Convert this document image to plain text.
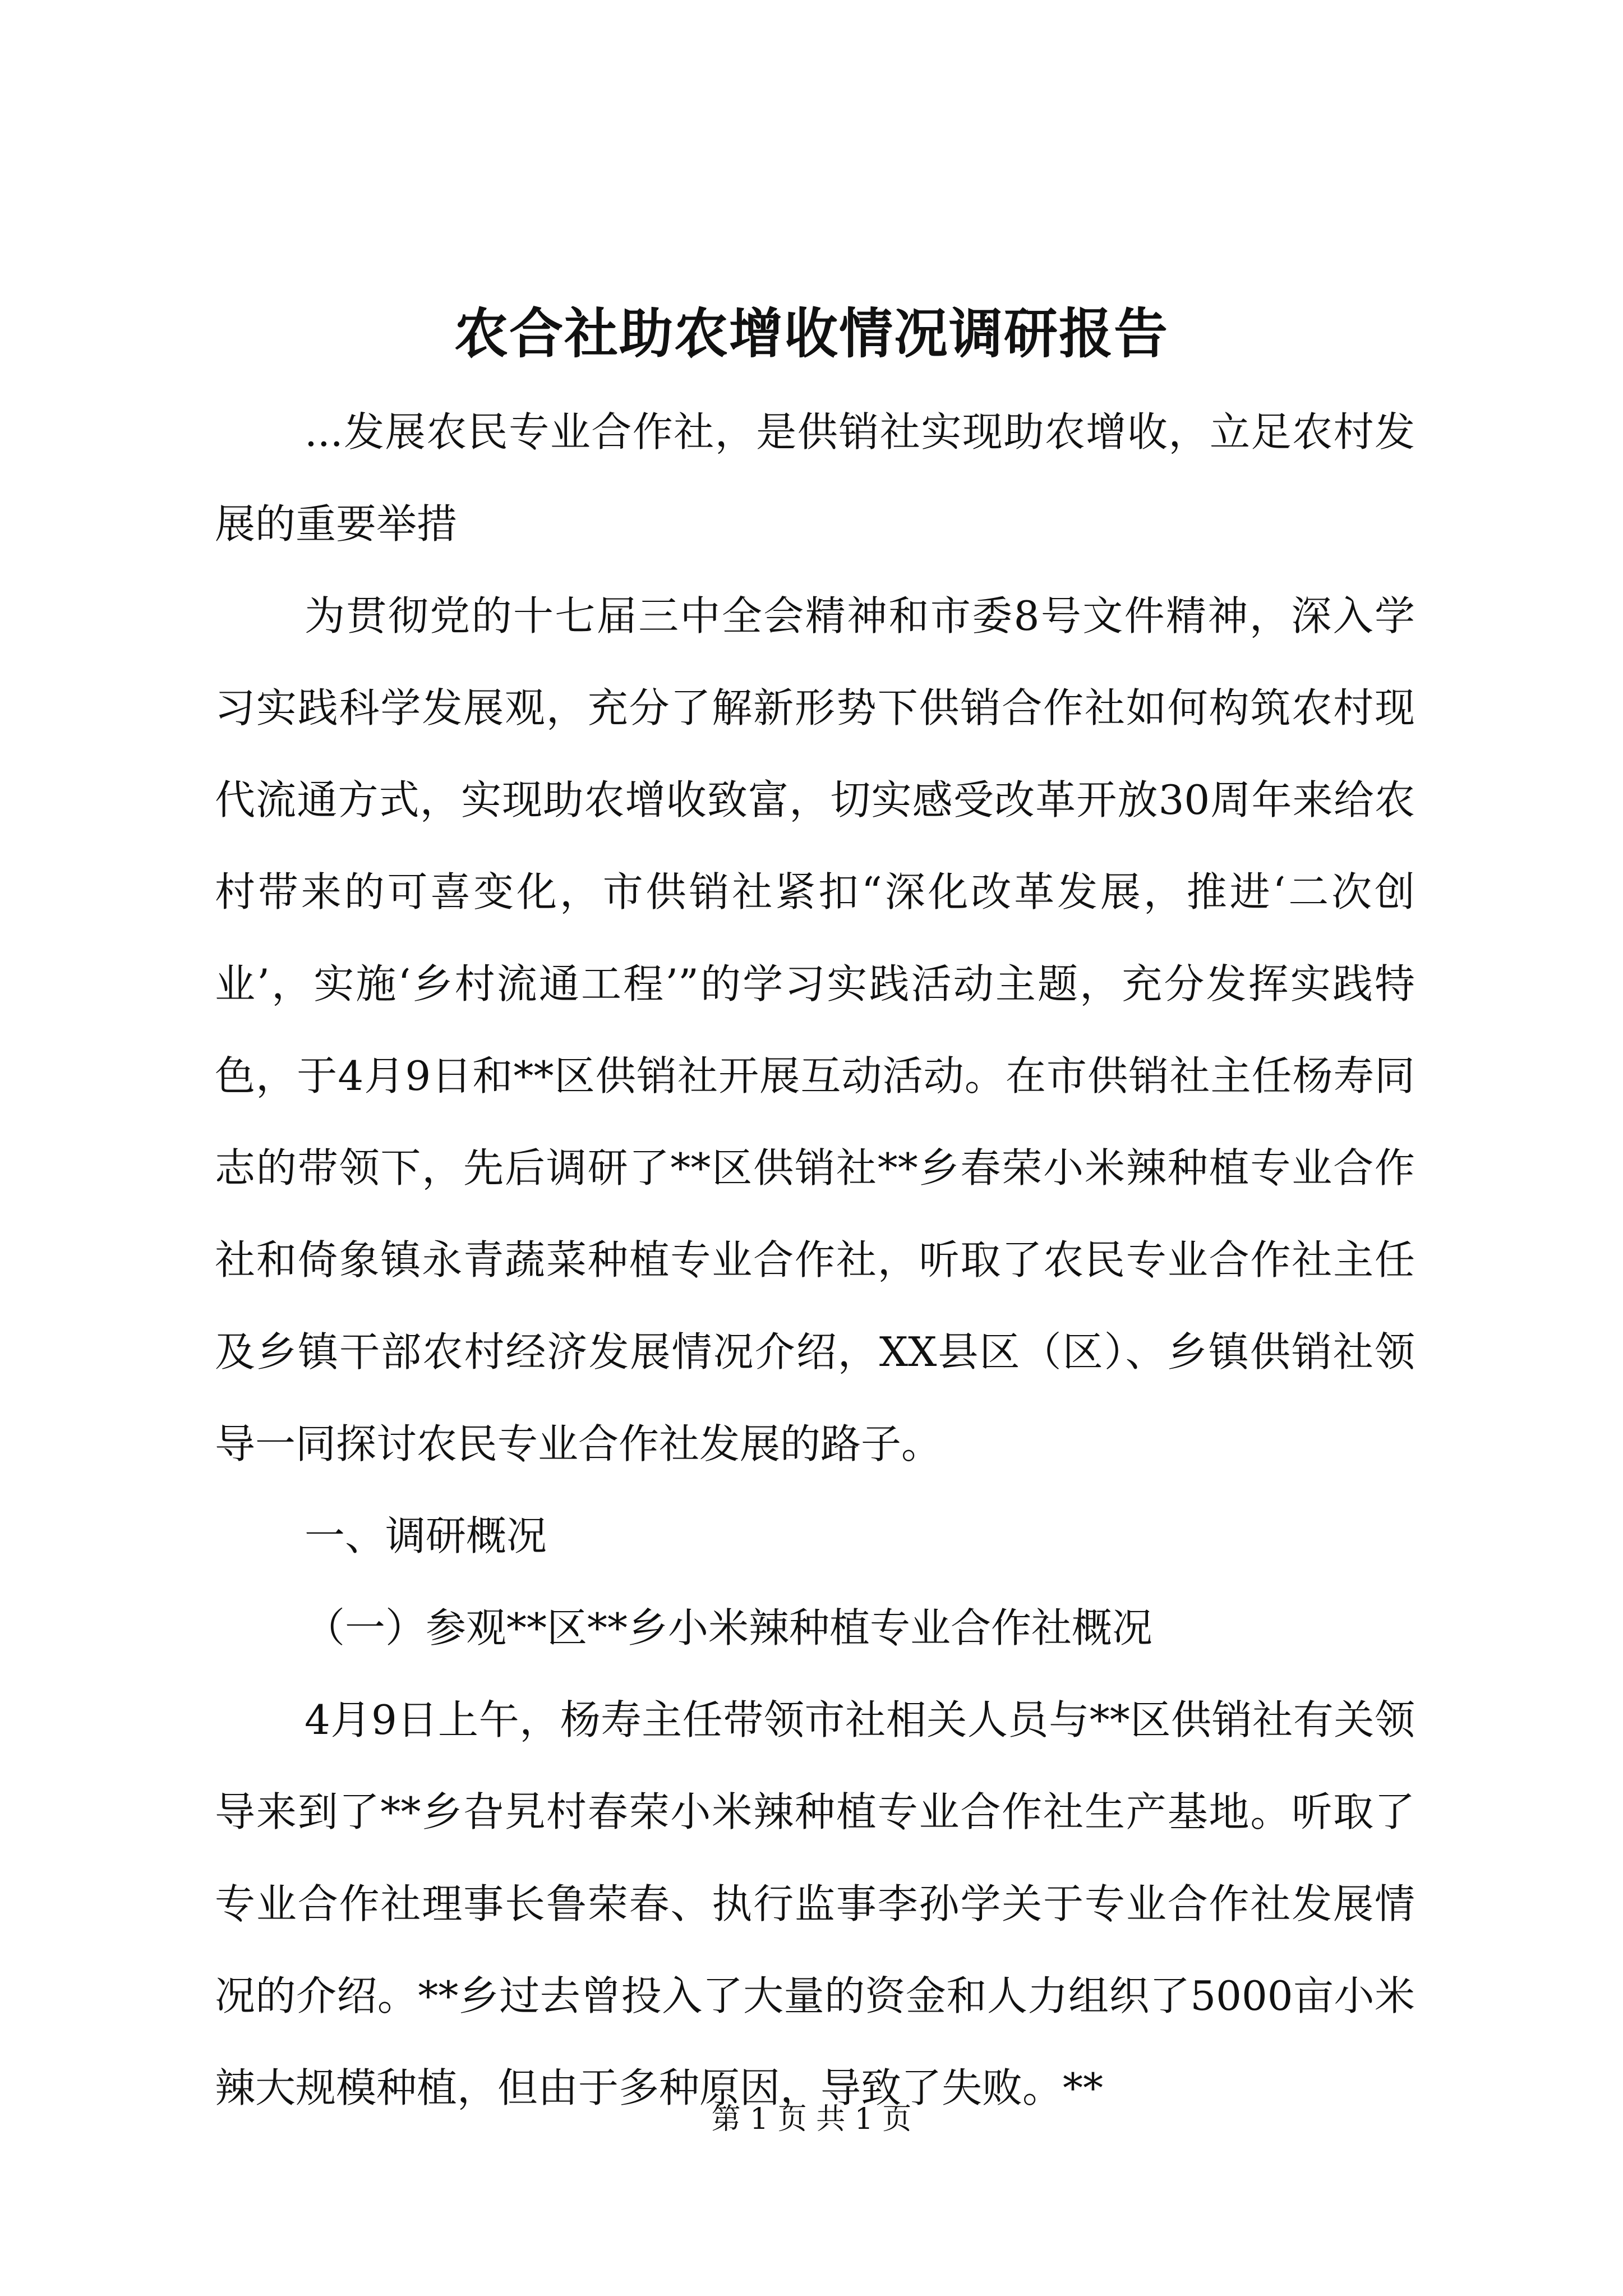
农合社助农增收情况调研报告

...发展农民专业合作社，是供销社实现助农增收，立足农村发展的重要举措

为贯彻党的十七届三中全会精神和市委8号文件精神，深入学习实践科学发展观，充分了解新形势下供销合作社如何构筑农村现代流通方式，实现助农增收致富，切实感受改革开放30周年来给农村带来的可喜变化，市供销社紧扣“深化改革发展，推进‘二次创业’，实施‘乡村流通工程’”的学习实践活动主题，充分发挥实践特色，于4月9日和**区供销社开展互动活动。在市供销社主任杨寿同志的带领下，先后调研了**区供销社**乡春荣小米辣种植专业合作社和倚象镇永青蔬菜种植专业合作社，听取了农民专业合作社主任及乡镇干部农村经济发展情况介绍，XX县区（区）、乡镇供销社领导一同探讨农民专业合作社发展的路子。

一、调研概况

（一）参观**区**乡小米辣种植专业合作社概况

4月9日上午，杨寿主任带领市社相关人员与**区供销社有关领导来到了**乡旮旯村春荣小米辣种植专业合作社生产基地。听取了专业合作社理事长鲁荣春、执行监事李孙学关于专业合作社发展情况的介绍。**乡过去曾投入了大量的资金和人力组织了5000亩小米辣大规模种植，但由于多种原因，导致了失败。**

第 1 页 共 1 页
